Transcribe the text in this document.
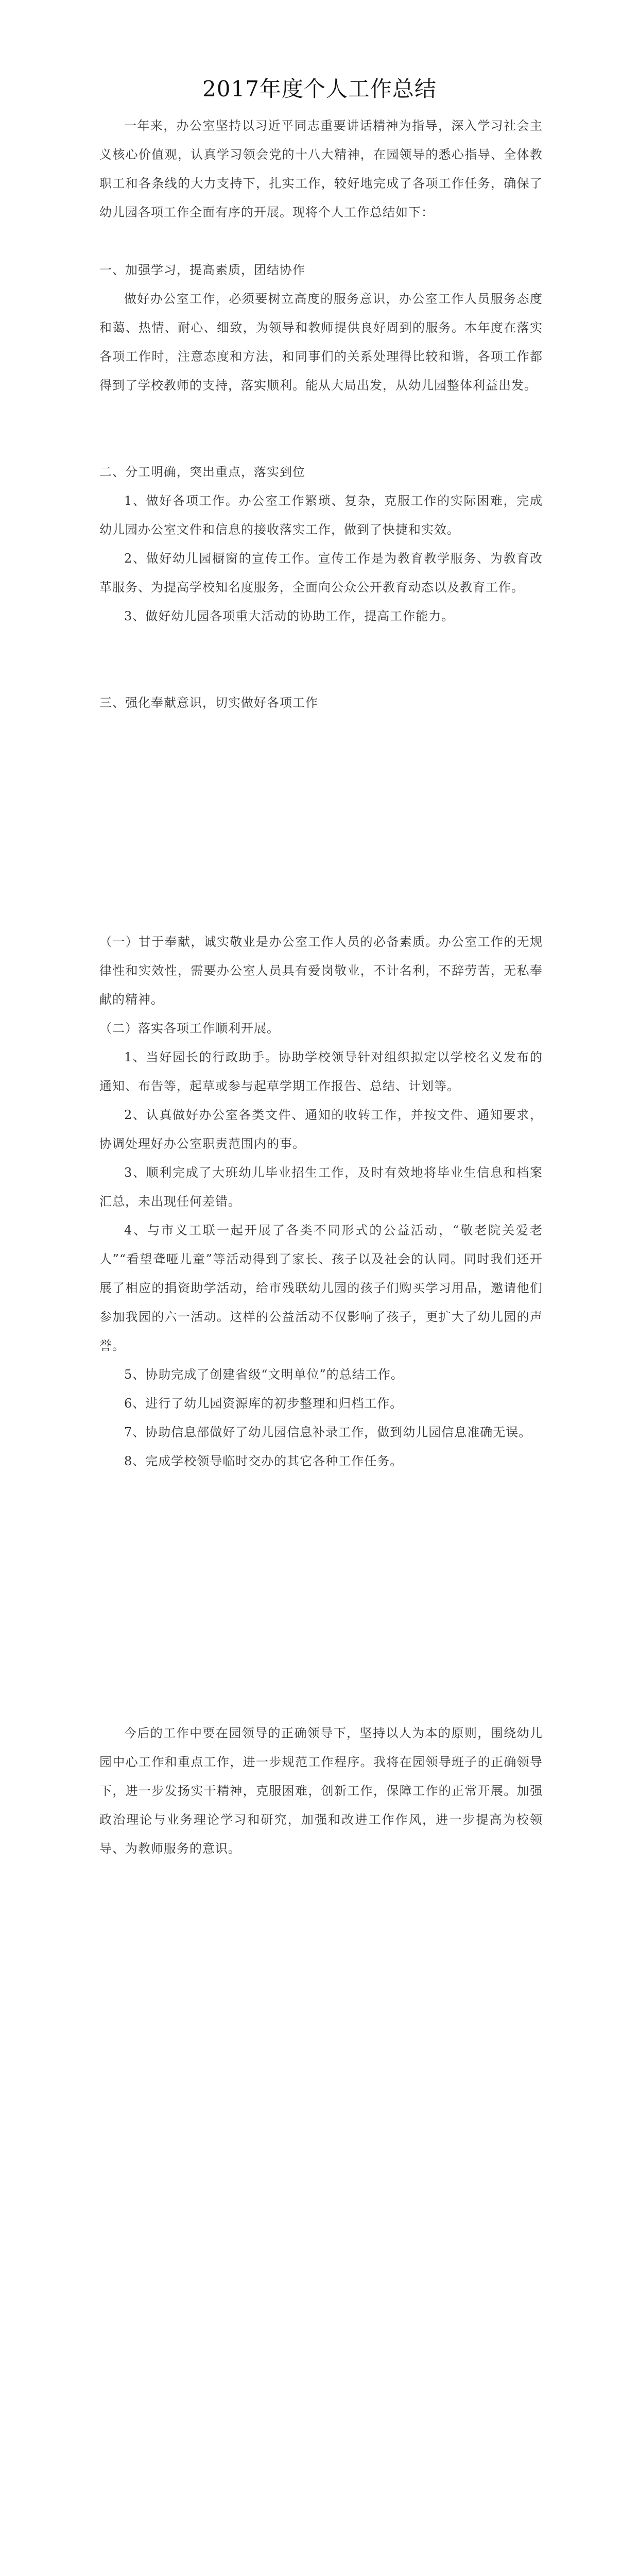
2017年度个人工作总结

一年来，办公室坚持以习近平同志重要讲话精神为指导，深入学习社会主义核心价值观，认真学习领会党的十八大精神，在园领导的悉心指导、全体教职工和各条线的大力支持下，扎实工作，较好地完成了各项工作任务，确保了幼儿园各项工作全面有序的开展。现将个人工作总结如下：

一、加强学习，提高素质，团结协作

做好办公室工作，必须要树立高度的服务意识，办公室工作人员服务态度和蔼、热情、耐心、细致，为领导和教师提供良好周到的服务。本年度在落实各项工作时，注意态度和方法，和同事们的关系处理得比较和谐，各项工作都得到了学校教师的支持，落实顺利。能从大局出发，从幼儿园整体利益出发。

二、分工明确，突出重点，落实到位

1、做好各项工作。办公室工作繁琐、复杂，克服工作的实际困难，完成幼儿园办公室文件和信息的接收落实工作，做到了快捷和实效。

2、做好幼儿园橱窗的宣传工作。宣传工作是为教育教学服务、为教育改革服务、为提高学校知名度服务，全面向公众公开教育动态以及教育工作。

3、做好幼儿园各项重大活动的协助工作，提高工作能力。

三、强化奉献意识，切实做好各项工作

（一）甘于奉献，诚实敬业是办公室工作人员的必备素质。办公室工作的无规律性和实效性，需要办公室人员具有爱岗敬业，不计名利，不辞劳苦，无私奉献的精神。

（二）落实各项工作顺利开展。

1、当好园长的行政助手。协助学校领导针对组织拟定以学校名义发布的通知、布告等，起草或参与起草学期工作报告、总结、计划等。

2、认真做好办公室各类文件、通知的收转工作，并按文件、通知要求，协调处理好办公室职责范围内的事。

3、顺利完成了大班幼儿毕业招生工作，及时有效地将毕业生信息和档案汇总，未出现任何差错。

4、与市义工联一起开展了各类不同形式的公益活动，“敬老院关爱老人”“看望聋哑儿童”等活动得到了家长、孩子以及社会的认同。同时我们还开展了相应的捐资助学活动，给市残联幼儿园的孩子们购买学习用品，邀请他们参加我园的六一活动。这样的公益活动不仅影响了孩子，更扩大了幼儿园的声誉。

5、协助完成了创建省级“文明单位”的总结工作。

6、进行了幼儿园资源库的初步整理和归档工作。

7、协助信息部做好了幼儿园信息补录工作，做到幼儿园信息准确无误。

8、完成学校领导临时交办的其它各种工作任务。

今后的工作中要在园领导的正确领导下，坚持以人为本的原则，围绕幼儿园中心工作和重点工作，进一步规范工作程序。我将在园领导班子的正确领导下，进一步发扬实干精神，克服困难，创新工作，保障工作的正常开展。加强政治理论与业务理论学习和研究，加强和改进工作作风，进一步提高为校领导、为教师服务的意识。
